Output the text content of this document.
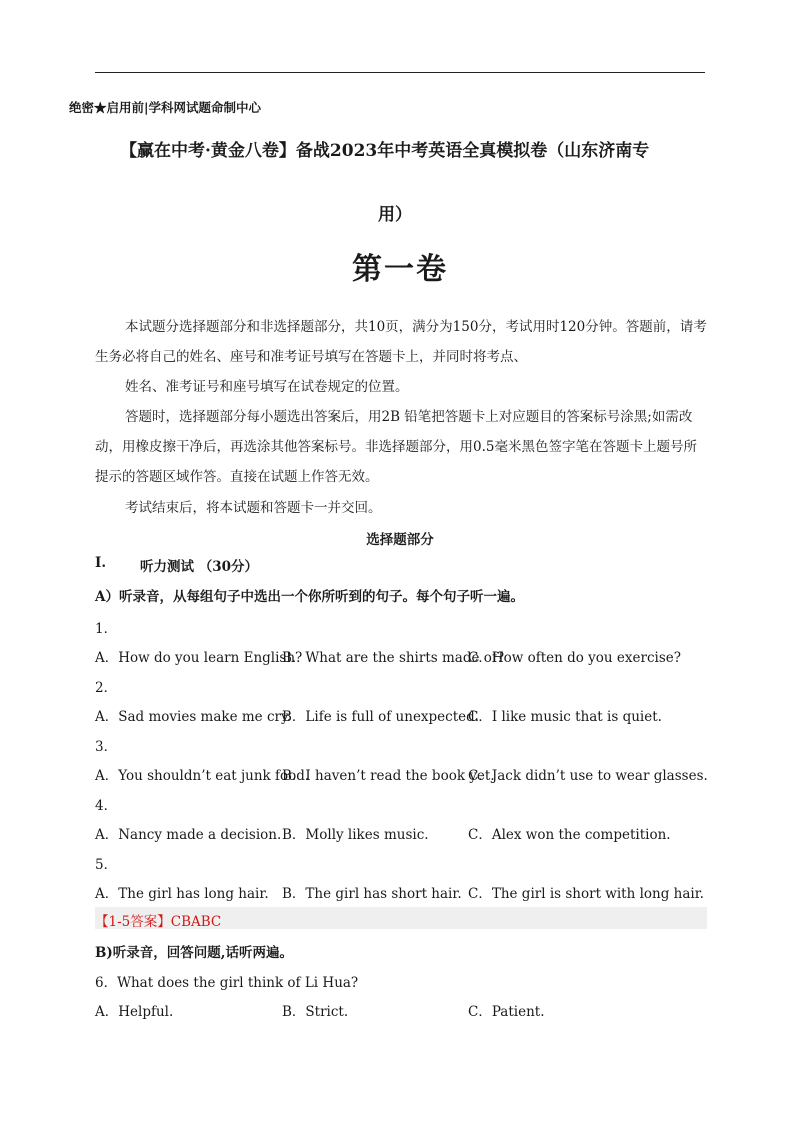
绝密★启用前|学科网试题命制中心
【赢在中考·黄金八卷】备战2023年中考英语全真模拟卷（山东济南专
用）
第一卷
本试题分选择题部分和非选择题部分，共10页，满分为150分，考试用时120分钟。答题前，请考生务必将自己的姓名、座号和准考证号填写在答题卡上，并同时将考点、
姓名、准考证号和座号填写在试卷规定的位置。
答题时，选择题部分每小题选出答案后，用2B 铅笔把答题卡上对应题目的答案标号涂黑;如需改动，用橡皮擦干净后，再选涂其他答案标号。非选择题部分，用0.5毫米黑色签字笔在答题卡上题号所提示的答题区域作答。直接在试题上作答无效。
考试结束后，将本试题和答题卡一并交回。
选择题部分
I.	听力测试 （30分）
A）听录音，从每组句子中选出一个你所听到的句子。每个句子听一遍。
1．
A．How do you learn English?
B．What are the shirts made of?
C．How often do you exercise?
2．
A．Sad movies make me cry.
B．Life is full of unexpected.
C．I like music that is quiet.
3．
A．You shouldn’t eat junk food.
B．I haven’t read the book yet.
C．Jack didn’t use to wear glasses.
4．
A．Nancy made a decision. B．Molly likes music.	C．Alex won the competition.
5．
A．The girl has long hair. B．The girl has short hair. C．The girl is short with long hair.
【1-5答案】CBABC
B)听录音，回答问题,话听两遍。
6．What does the girl think of Li Hua?
A．Helpful.	B．Strict.	C．Patient.
